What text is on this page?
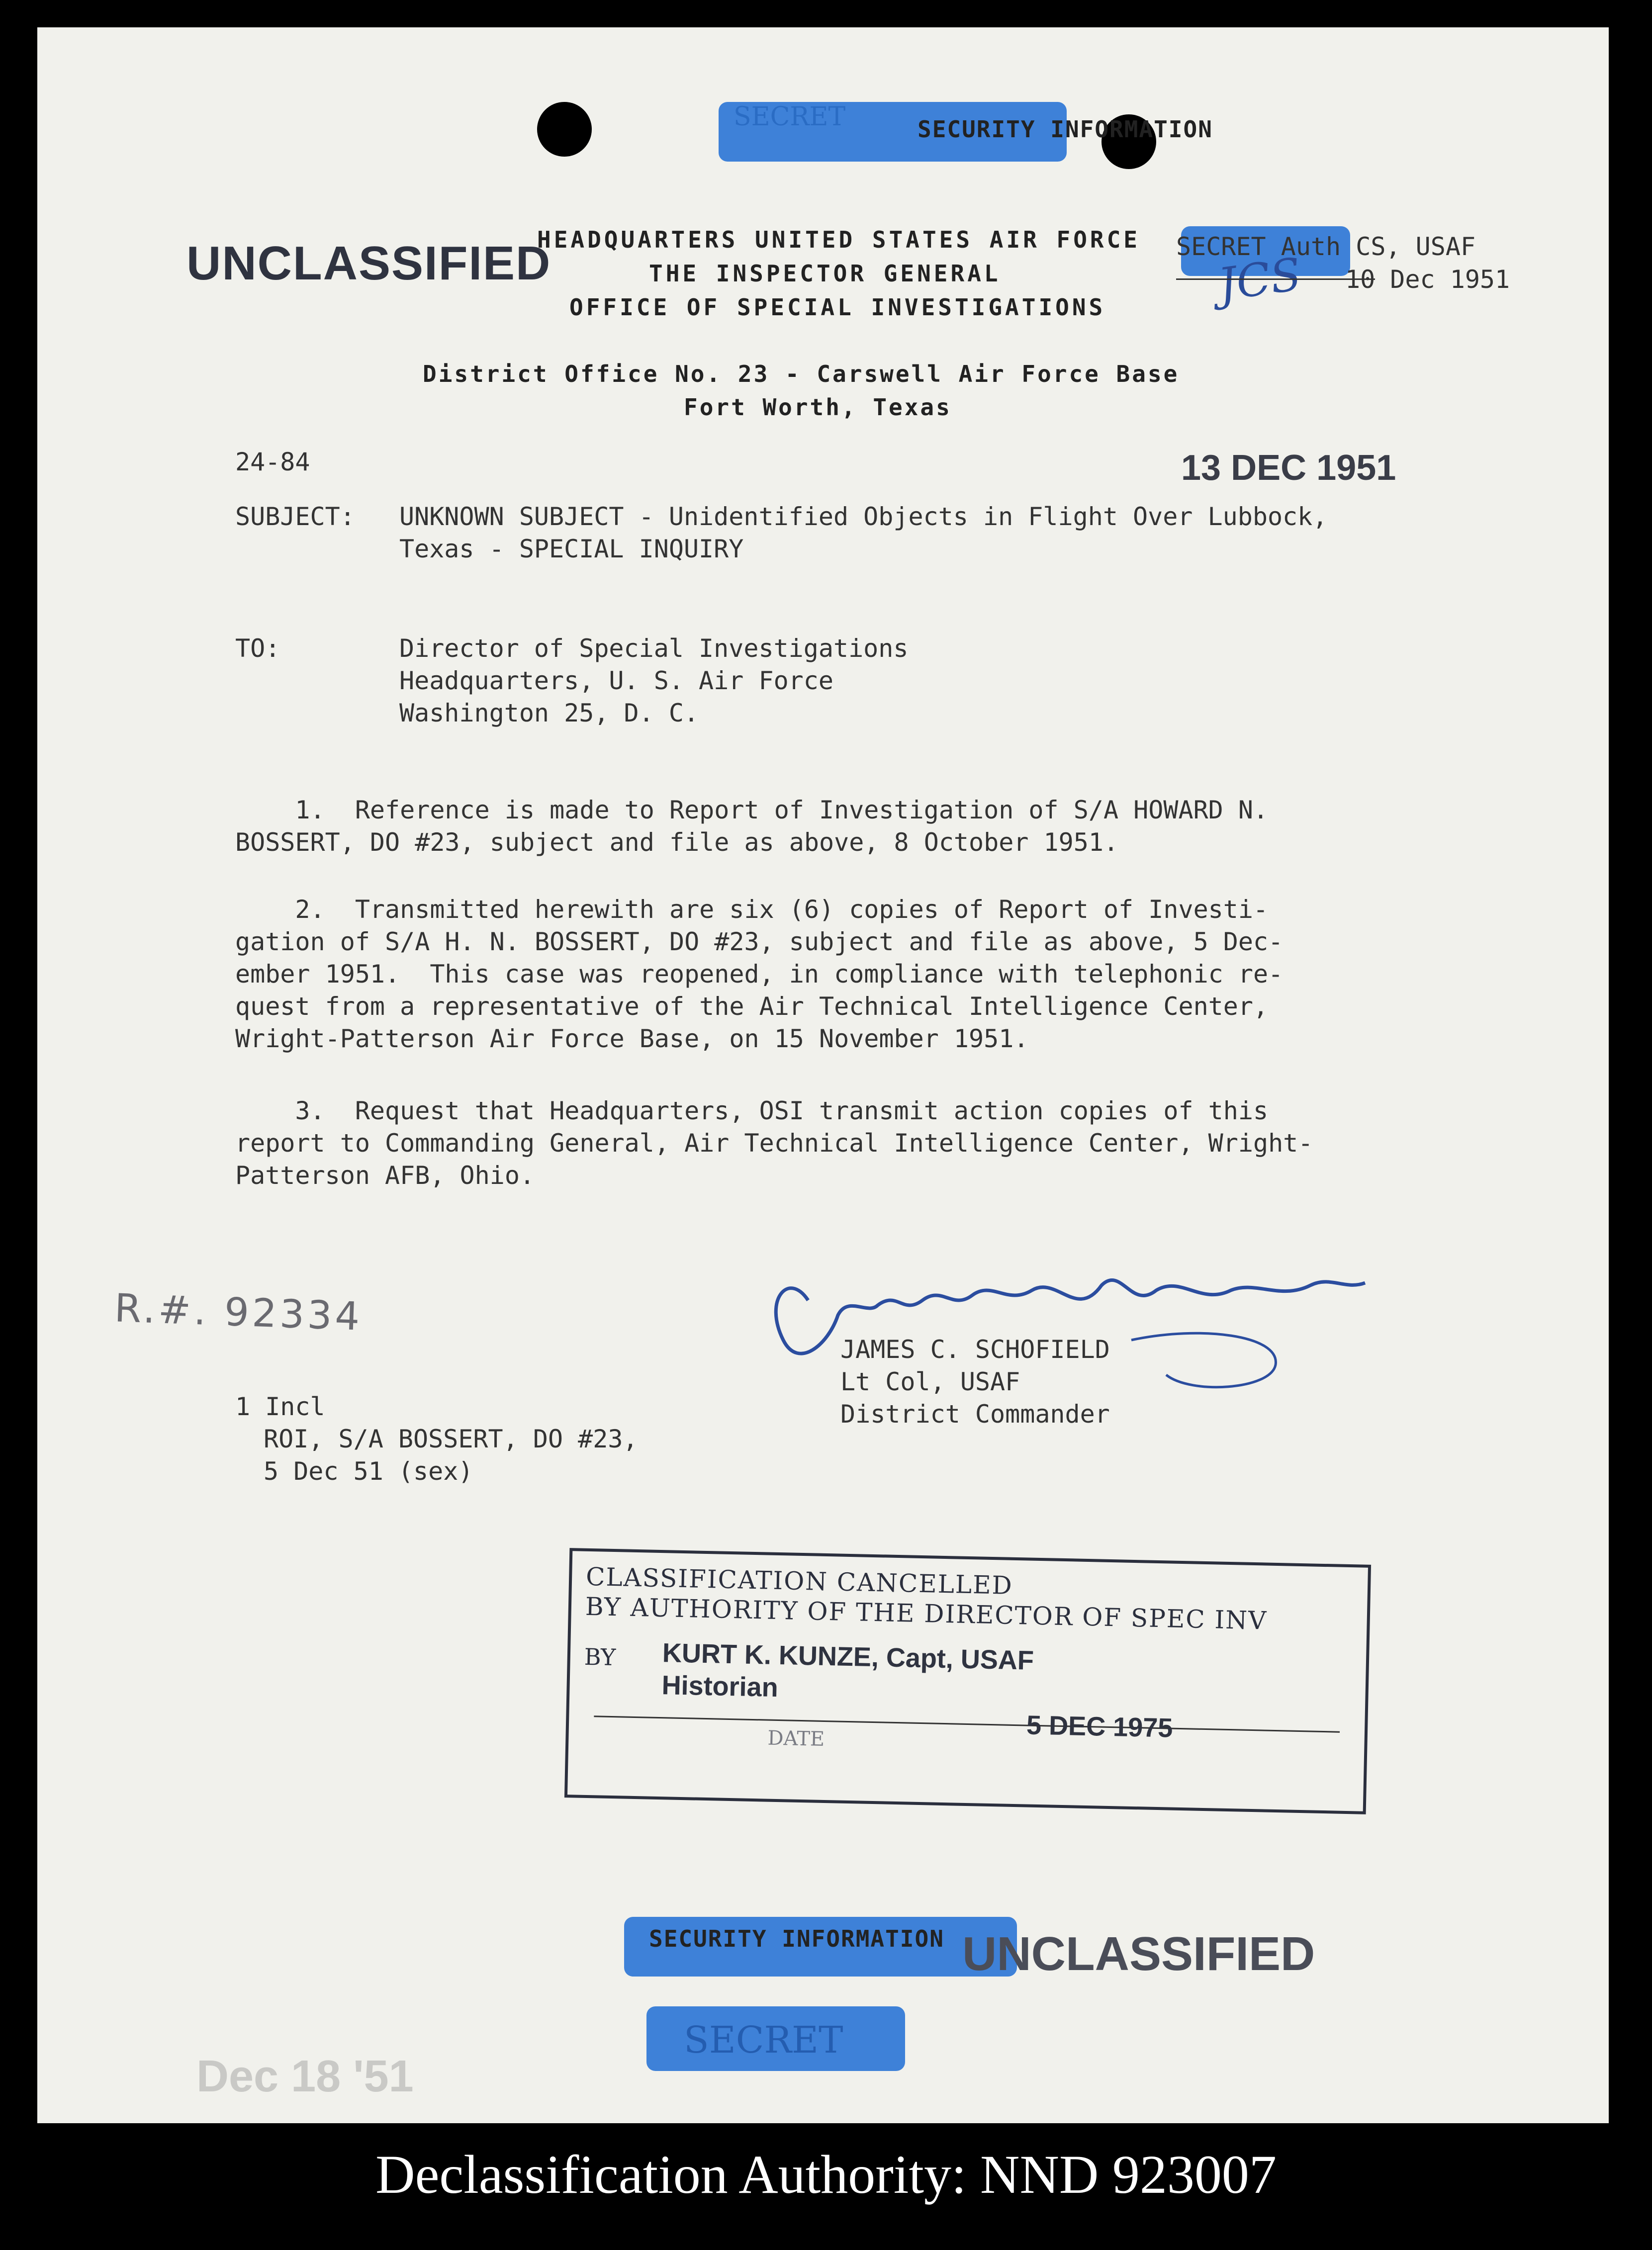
SECRET	SECURITY INFORMATION
UNCLASSIFIED
HEADQUARTERS UNITED STATES AIR FORCE
THE INSPECTOR GENERAL
OFFICE OF SPECIAL INVESTIGATIONS
SECRET Auth CS, USAF
JCS 10 Dec 1951
District Office No. 23 - Carswell Air Force Base
Fort Worth, Texas
24-84	13 DEC 1951
SUBJECT: UNKNOWN SUBJECT - Unidentified Objects in Flight Over Lubbock,
Texas - SPECIAL INQUIRY
TO:	Director of Special Investigations
Headquarters, U. S. Air Force
Washington 25, D. C.
1.  Reference is made to Report of Investigation of S/A HOWARD N.
BOSSERT, DO #23, subject and file as above, 8 October 1951.
2.  Transmitted herewith are six (6) copies of Report of Investi-
gation of S/A H. N. BOSSERT, DO #23, subject and file as above, 5 Dec-
ember 1951.  This case was reopened, in compliance with telephonic re-
quest from a representative of the Air Technical Intelligence Center,
Wright-Patterson Air Force Base, on 15 November 1951.
3.  Request that Headquarters, OSI transmit action copies of this
report to Commanding General, Air Technical Intelligence Center, Wright-
Patterson AFB, Ohio.
R.#. 92334
JAMES C. SCHOFIELD
Lt Col, USAF
District Commander
1 Incl
ROI, S/A BOSSERT, DO #23,
5 Dec 51 (sex)
CLASSIFICATION CANCELLED
BY AUTHORITY OF THE DIRECTOR OF SPEC INV
BY KURT K. KUNZE, Capt, USAF
Historian
DATE	5 DEC 1975
Dec 18 '51
SECURITY INFORMATION UNCLASSIFIED
SECRET
Declassification Authority: NND 923007
